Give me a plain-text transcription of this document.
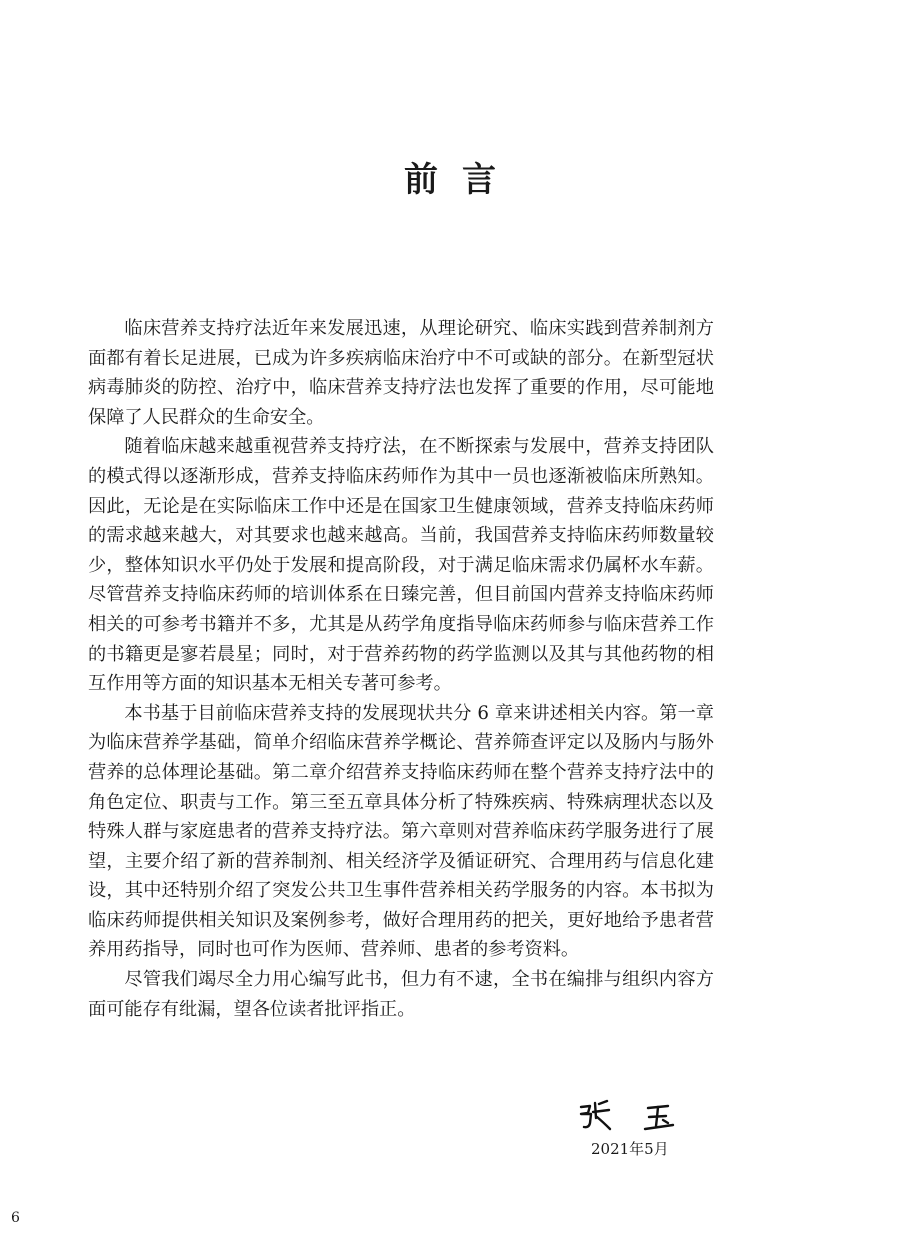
前言

临床营养支持疗法近年来发展迅速，从理论研究、临床实践到营养制剂方面都有着长足进展，已成为许多疾病临床治疗中不可或缺的部分。在新型冠状病毒肺炎的防控、治疗中，临床营养支持疗法也发挥了重要的作用，尽可能地保障了人民群众的生命安全。

随着临床越来越重视营养支持疗法，在不断探索与发展中，营养支持团队的模式得以逐渐形成，营养支持临床药师作为其中一员也逐渐被临床所熟知。因此，无论是在实际临床工作中还是在国家卫生健康领域，营养支持临床药师的需求越来越大，对其要求也越来越高。当前，我国营养支持临床药师数量较少，整体知识水平仍处于发展和提高阶段，对于满足临床需求仍属杯水车薪。尽管营养支持临床药师的培训体系在日臻完善，但目前国内营养支持临床药师相关的可参考书籍并不多，尤其是从药学角度指导临床药师参与临床营养工作的书籍更是寥若晨星；同时，对于营养药物的药学监测以及其与其他药物的相互作用等方面的知识基本无相关专著可参考。

本书基于目前临床营养支持的发展现状共分 6 章来讲述相关内容。第一章为临床营养学基础，简单介绍临床营养学概论、营养筛查评定以及肠内与肠外营养的总体理论基础。第二章介绍营养支持临床药师在整个营养支持疗法中的角色定位、职责与工作。第三至五章具体分析了特殊疾病、特殊病理状态以及特殊人群与家庭患者的营养支持疗法。第六章则对营养临床药学服务进行了展望，主要介绍了新的营养制剂、相关经济学及循证研究、合理用药与信息化建设，其中还特别介绍了突发公共卫生事件营养相关药学服务的内容。本书拟为临床药师提供相关知识及案例参考，做好合理用药的把关，更好地给予患者营养用药指导，同时也可作为医师、营养师、患者的参考资料。

尽管我们竭尽全力用心编写此书，但力有不逮，全书在编排与组织内容方面可能存有纰漏，望各位读者批评指正。

2021年5月
6
